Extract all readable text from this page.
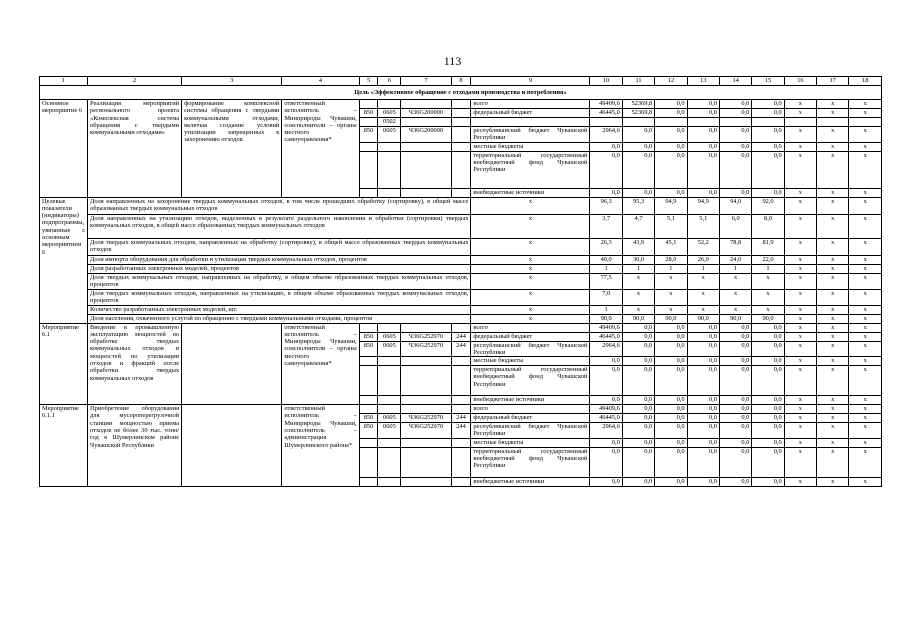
113
1	2	3	4	5	6	7	8	9	10	11	12	13	14	15	16	17	18
Цель «Эффективное обращение с отходами производства и потребления»																	
Основное мероприятие 6	Реализация мероприятий регионального проекта «Комплексная система обращения с твердыми коммунальными отходами»	формирование комплексной системы обращения с твердыми коммунальными отходами, включая создание условий утилизации запрещенных к захоронению отходов	ответственный исполнитель – Минприроды Чувашии, соисполнители – органы местного самоуправления*					всего	49409,6	52369,8	0,0	0,0	0,0	0,0	x	x	x
				850	0605	Ч36G200000		федеральный бюджет	46445,0	52369,8	0,0	0,0	0,0	0,0	x	x	x
					0502												
				850	0605	Ч36G200000		республиканский бюджет Чувашской Республики	2964,6	0,0	0,0	0,0	0,0	0,0	x	x	x
								местные бюджеты	0,0	0,0	0,0	0,0	0,0	0,0	x	x	x
								территориальный государственный внебюджетный фонд Чувашской Республики	0,0	0,0	0,0	0,0	0,0	0,0	x	x	x
								внебюджетные источники	0,0	0,0	0,0	0,0	0,0	0,0	x	x	x
Целевые показатели (индикаторы) подпрограммы, увязанные с основным мероприятием 6	Доля направленных на захоронение твердых коммунальных отходов, в том числе прошедших обработку (сортировку), в общей массе образованных твердых коммунальных отходов							x	96,3	95,3	94,9	94,9	94,0	92,0	x	x	x
	Доля направленных на утилизацию отходов, выделенных в результате раздельного накопления и обработки (сортировки) твердых коммунальных отходов, в общей массе образованных твердых коммунальных отходов							x	3,7	4,7	5,1	5,1	6,0	8,0	x	x	x
	Доля твердых коммунальных отходов, направленных на обработку (сортировку), в общей массе образованных твердых коммунальных отходов							x	26,3	43,9	45,1	52,2	78,8	81,9	x	x	x
	Доля импорта оборудования для обработки и утилизации твердых коммунальных отходов, процентов							x	40,0	30,0	28,0	26,0	24,0	22,0	x	x	x
	Доля разработанных электронных моделей, процентов							x	1	1	1	1	1	1	x	x	x
	Доля твердых коммунальных отходов, направленных на обработку, в общем объеме образованных твердых коммунальных отходов, процентов							x	77,5	x	x	x	x	x	x	x	x
	Доля твердых коммунальных отходов, направленных на утилизацию, в общем объеме образованных твердых коммунальных отходов, процентов							x	7,0	x	x	x	x	x	x	x	x
	Количество разработанных электронных моделей, шт.							x	1	x	x	x	x	x	x	x	x
	Доля населения, охваченного услугой по обращению с твердыми коммунальными отходами, процентов							x	90,0	90,0	90,0	90,0	90,0	90,0	x	x	x
Мероприятие 6.1	Введение в промышленную эксплуатацию мощностей по обработке твердых коммунальных отходов и мощностей по утилизации отходов и фракций после обработки твердых коммунальных отходов		ответственный исполнитель – Минприроды Чувашии, соисполнители – органы местного самоуправления*					всего	49409,6	0,0	0,0	0,0	0,0	0,0	x	x	x
				850	0605	Ч36G252970	244	федеральный бюджет	46445,0	0,0	0,0	0,0	0,0	0,0	x	x	x
				850	0605	Ч36G252970	244	республиканский бюджет Чувашской Республики	2964,6	0,0	0,0	0,0	0,0	0,0	x	x	x
								местные бюджеты	0,0	0,0	0,0	0,0	0,0	0,0	x	x	x
								территориальный государственный внебюджетный фонд Чувашской Республики	0,0	0,0	0,0	0,0	0,0	0,0	x	x	x
								внебюджетные источники	0,0	0,0	0,0	0,0	0,0	0,0	x	x	x
Мероприятие 6.1.1	Приобретение оборудования для мусороперегрузочной станции мощностью приема отходов не более 30 тыс. тонн/год в Шумерлинском районе Чувашской Республики		ответственный исполнитель – Минприроды Чувашии, соисполнитель – администрация Шумерлинского района*					всего	49409,6	0,0	0,0	0,0	0,0	0,0	x	x	x
				850	0605	Ч36G252970	244	федеральный бюджет	46445,0	0,0	0,0	0,0	0,0	0,0	x	x	x
				850	0605	Ч36G252970	244	республиканский бюджет Чувашской Республики	2964,6	0,0	0,0	0,0	0,0	0,0	x	x	x
								местные бюджеты	0,0	0,0	0,0	0,0	0,0	0,0	x	x	x
								территориальный государственный внебюджетный фонд Чувашской Республики	0,0	0,0	0,0	0,0	0,0	0,0	x	x	x
								внебюджетные источники	0,0	0,0	0,0	0,0	0,0	0,0	x	x	x
